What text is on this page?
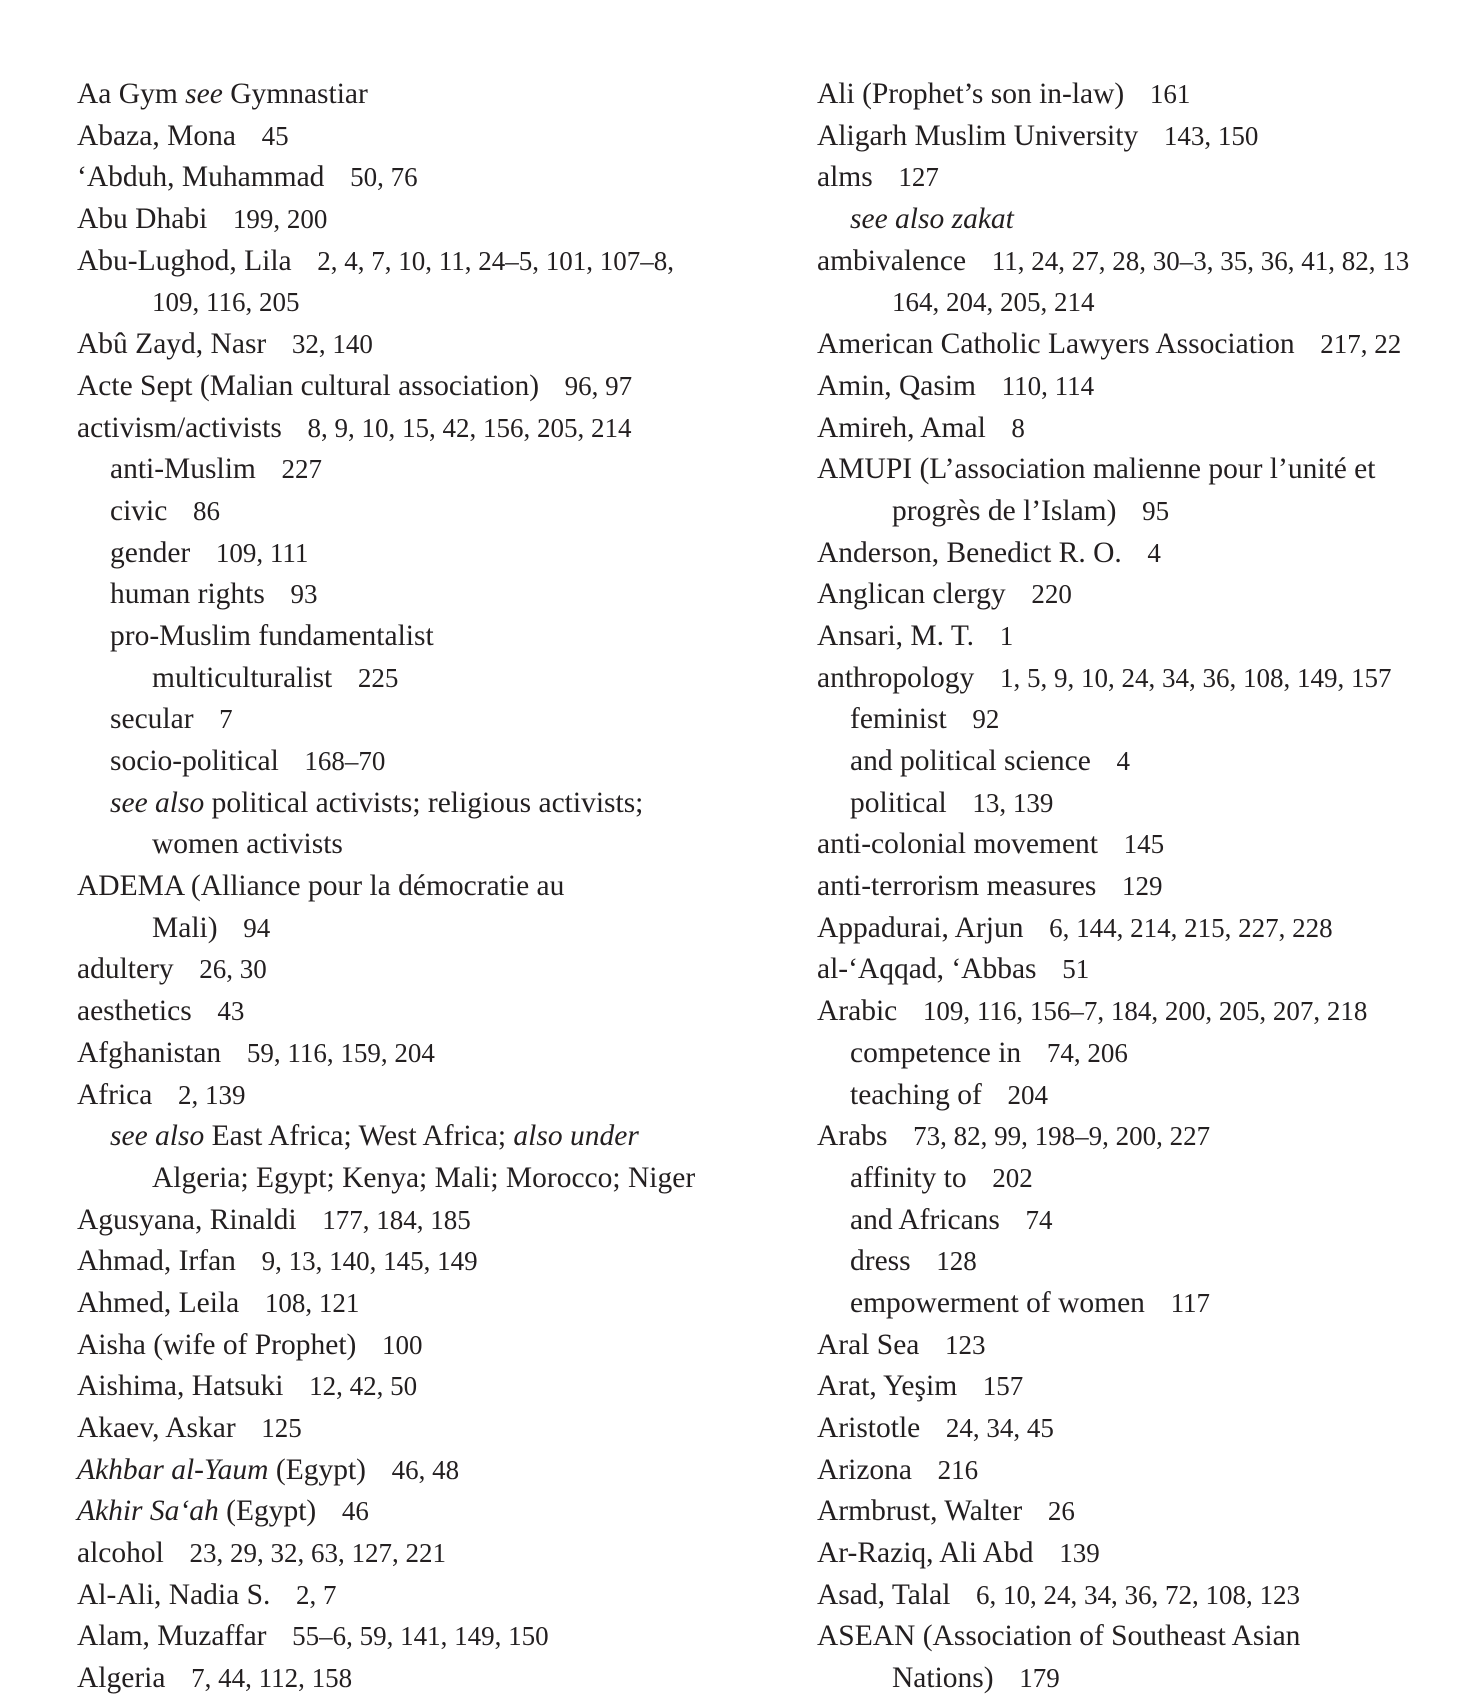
Aa Gym see Gymnastiar
Abaza, Mona 45
‘Abduh, Muhammad 50, 76
Abu Dhabi 199, 200
Abu-Lughod, Lila 2, 4, 7, 10, 11, 24–5, 101, 107–8,
109, 116, 205
Abû Zayd, Nasr 32, 140
Acte Sept (Malian cultural association) 96, 97
activism/activists 8, 9, 10, 15, 42, 156, 205, 214
anti-Muslim 227
civic 86
gender 109, 111
human rights 93
pro-Muslim fundamentalist
multiculturalist 225
secular 7
socio-political 168–70
see also political activists; religious activists;
women activists
ADEMA (Alliance pour la démocratie au
Mali) 94
adultery 26, 30
aesthetics 43
Afghanistan 59, 116, 159, 204
Africa 2, 139
see also East Africa; West Africa; also under
Algeria; Egypt; Kenya; Mali; Morocco; Niger
Agusyana, Rinaldi 177, 184, 185
Ahmad, Irfan 9, 13, 140, 145, 149
Ahmed, Leila 108, 121
Aisha (wife of Prophet) 100
Aishima, Hatsuki 12, 42, 50
Akaev, Askar 125
Akhbar al-Yaum (Egypt) 46, 48
Akhir Sa‘ah (Egypt) 46
alcohol 23, 29, 32, 63, 127, 221
Al-Ali, Nadia S. 2, 7
Alam, Muzaffar 55–6, 59, 141, 149, 150
Algeria 7, 44, 112, 158
Ali (Prophet’s son in-law) 161
Aligarh Muslim University 143, 150
alms 127
see also zakat
ambivalence 11, 24, 27, 28, 30–3, 35, 36, 41, 82, 13
164, 204, 205, 214
American Catholic Lawyers Association 217, 22
Amin, Qasim 110, 114
Amireh, Amal 8
AMUPI (L’association malienne pour l’unité et
progrès de l’Islam) 95
Anderson, Benedict R. O. 4
Anglican clergy 220
Ansari, M. T. 1
anthropology 1, 5, 9, 10, 24, 34, 36, 108, 149, 157
feminist 92
and political science 4
political 13, 139
anti-colonial movement 145
anti-terrorism measures 129
Appadurai, Arjun 6, 144, 214, 215, 227, 228
al-‘Aqqad, ‘Abbas 51
Arabic 109, 116, 156–7, 184, 200, 205, 207, 218
competence in 74, 206
teaching of 204
Arabs 73, 82, 99, 198–9, 200, 227
affinity to 202
and Africans 74
dress 128
empowerment of women 117
Aral Sea 123
Arat, Yeşim 157
Aristotle 24, 34, 45
Arizona 216
Armbrust, Walter 26
Ar-Raziq, Ali Abd 139
Asad, Talal 6, 10, 24, 34, 36, 72, 108, 123
ASEAN (Association of Southeast Asian
Nations) 179
